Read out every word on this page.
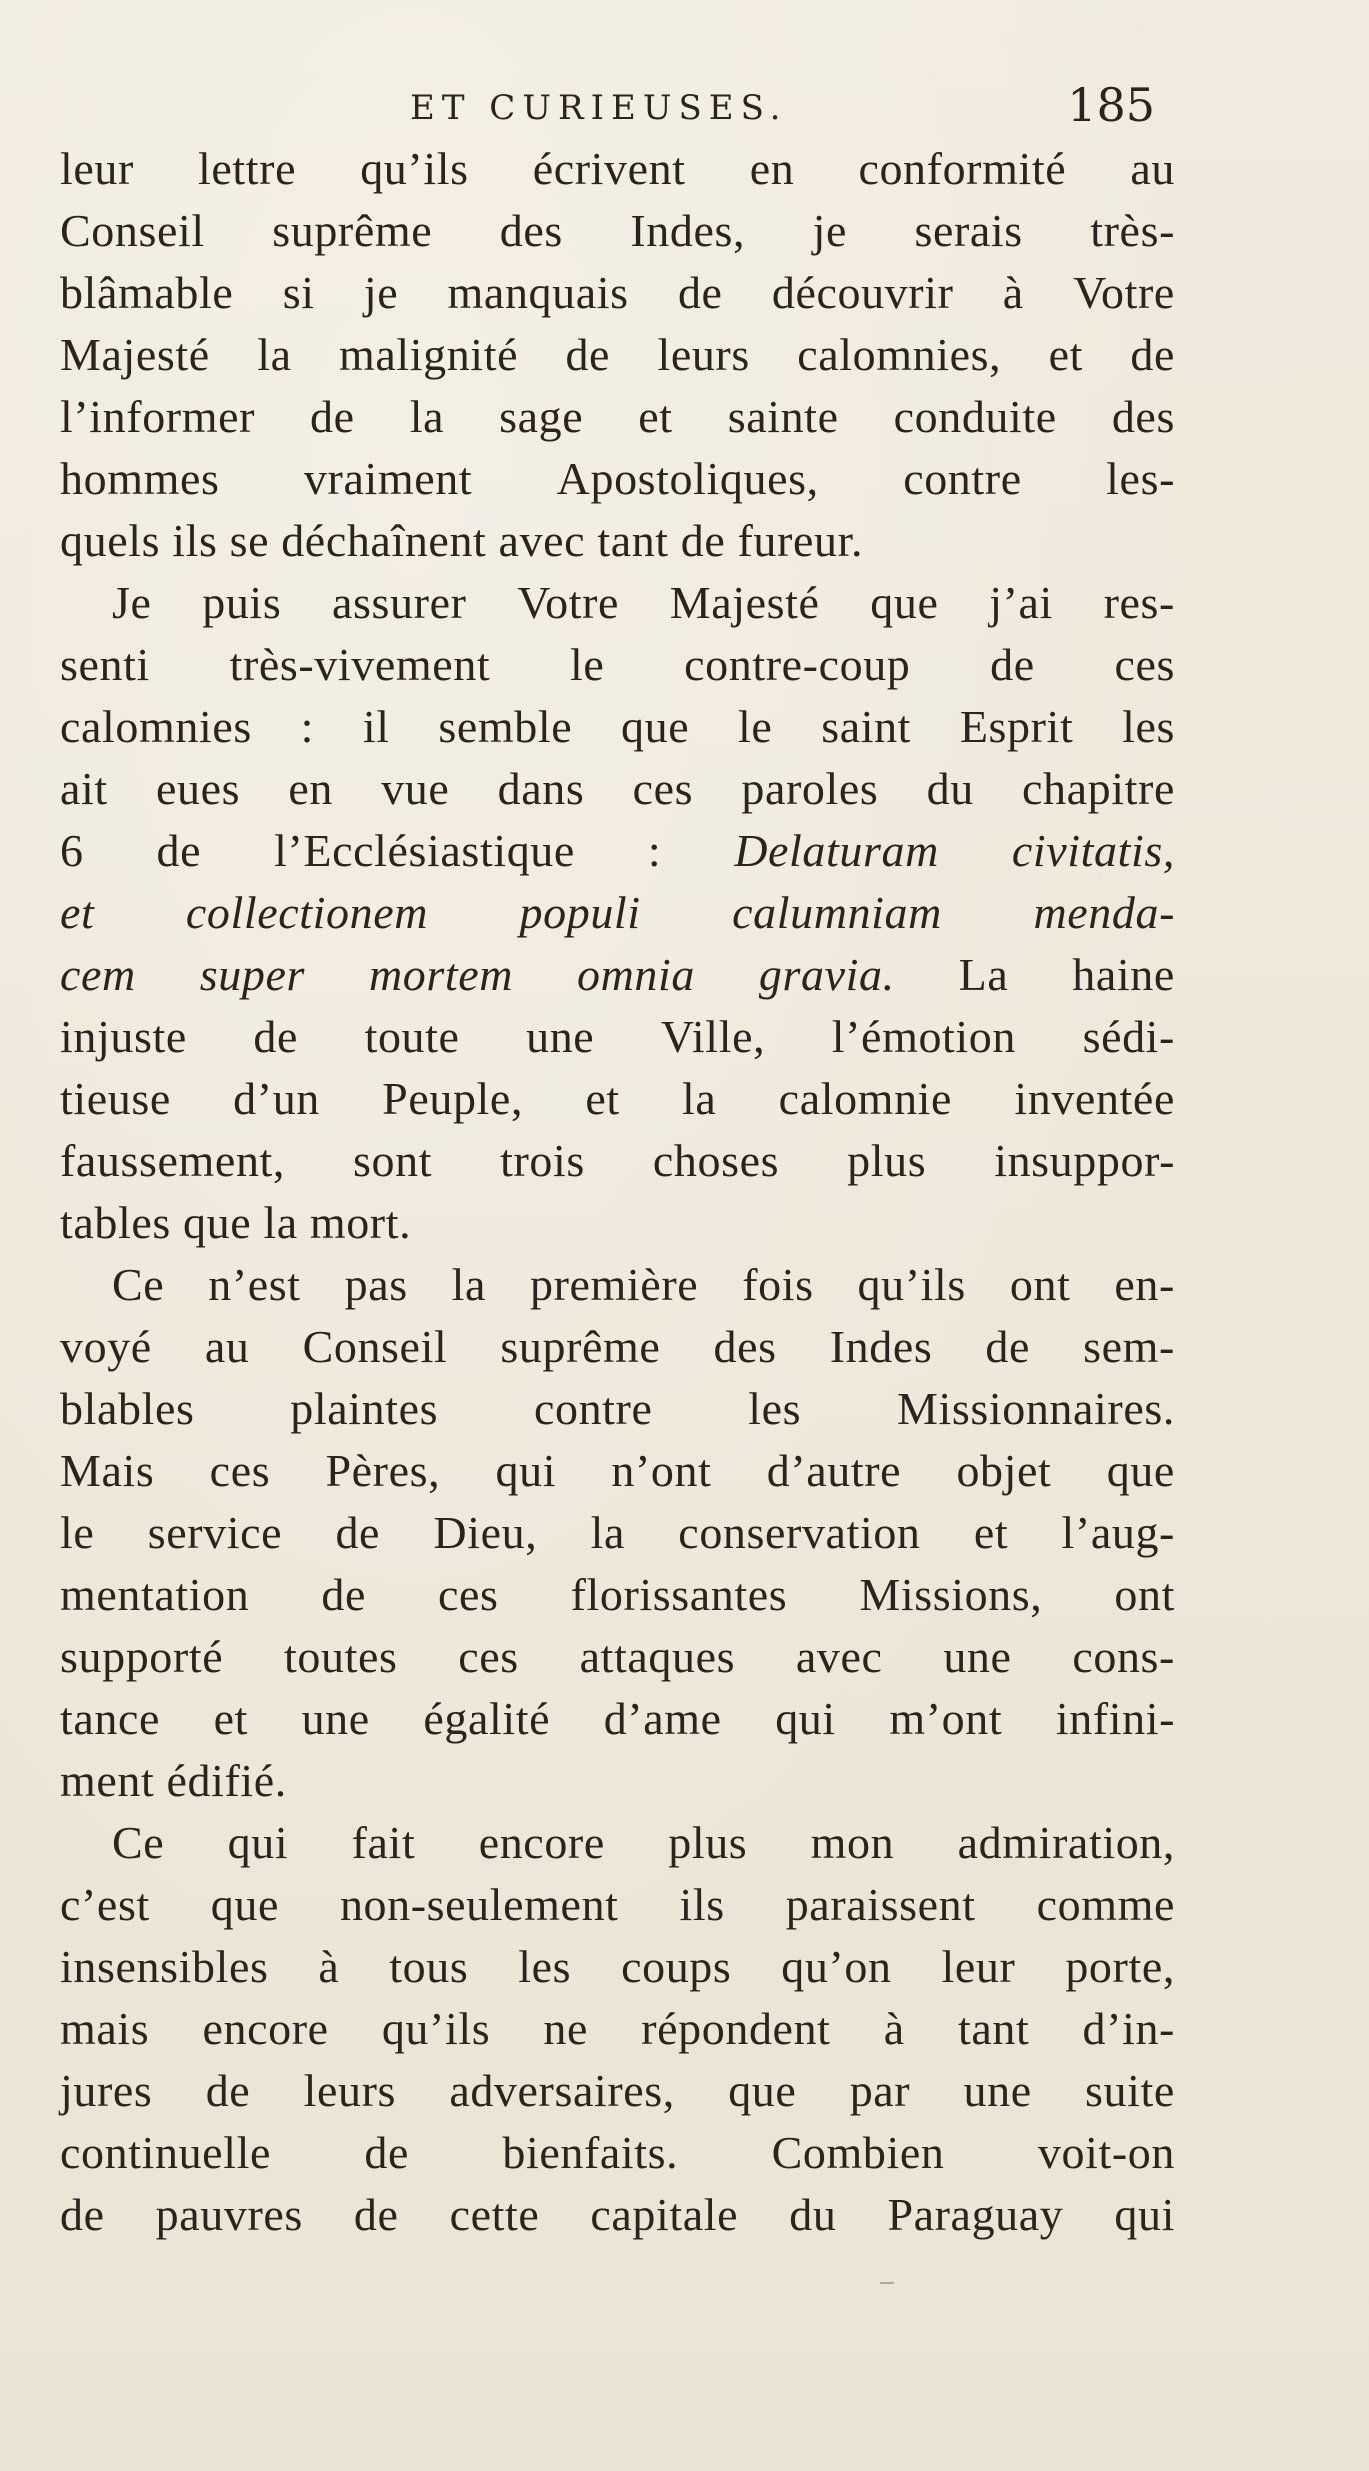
ET CURIEUSES.	185
leur lettre qu’ils écrivent en conformité au
Conseil suprême des Indes, je serais très-
blâmable si je manquais de découvrir à Votre
Majesté la malignité de leurs calomnies, et de
l’informer de la sage et sainte conduite des
hommes vraiment Apostoliques, contre les-
quels ils se déchaînent avec tant de fureur.
Je puis assurer Votre Majesté que j’ai res-
senti très-vivement le contre-coup de ces
calomnies : il semble que le saint Esprit les
ait eues en vue dans ces paroles du chapitre
6 de l’Ecclésiastique : Delaturam civitatis,
et collectionem populi calumniam menda-
cem super mortem omnia gravia. La haine
injuste de toute une Ville, l’émotion sédi-
tieuse d’un Peuple, et la calomnie inventée
faussement, sont trois choses plus insuppor-
tables que la mort.
Ce n’est pas la première fois qu’ils ont en-
voyé au Conseil suprême des Indes de sem-
blables plaintes contre les Missionnaires.
Mais ces Pères, qui n’ont d’autre objet que
le service de Dieu, la conservation et l’aug-
mentation de ces florissantes Missions, ont
supporté toutes ces attaques avec une cons-
tance et une égalité d’ame qui m’ont infini-
ment édifié.
Ce qui fait encore plus mon admiration,
c’est que non-seulement ils paraissent comme
insensibles à tous les coups qu’on leur porte,
mais encore qu’ils ne répondent à tant d’in-
jures de leurs adversaires, que par une suite
continuelle de bienfaits. Combien voit-on
de pauvres de cette capitale du Paraguay qui
